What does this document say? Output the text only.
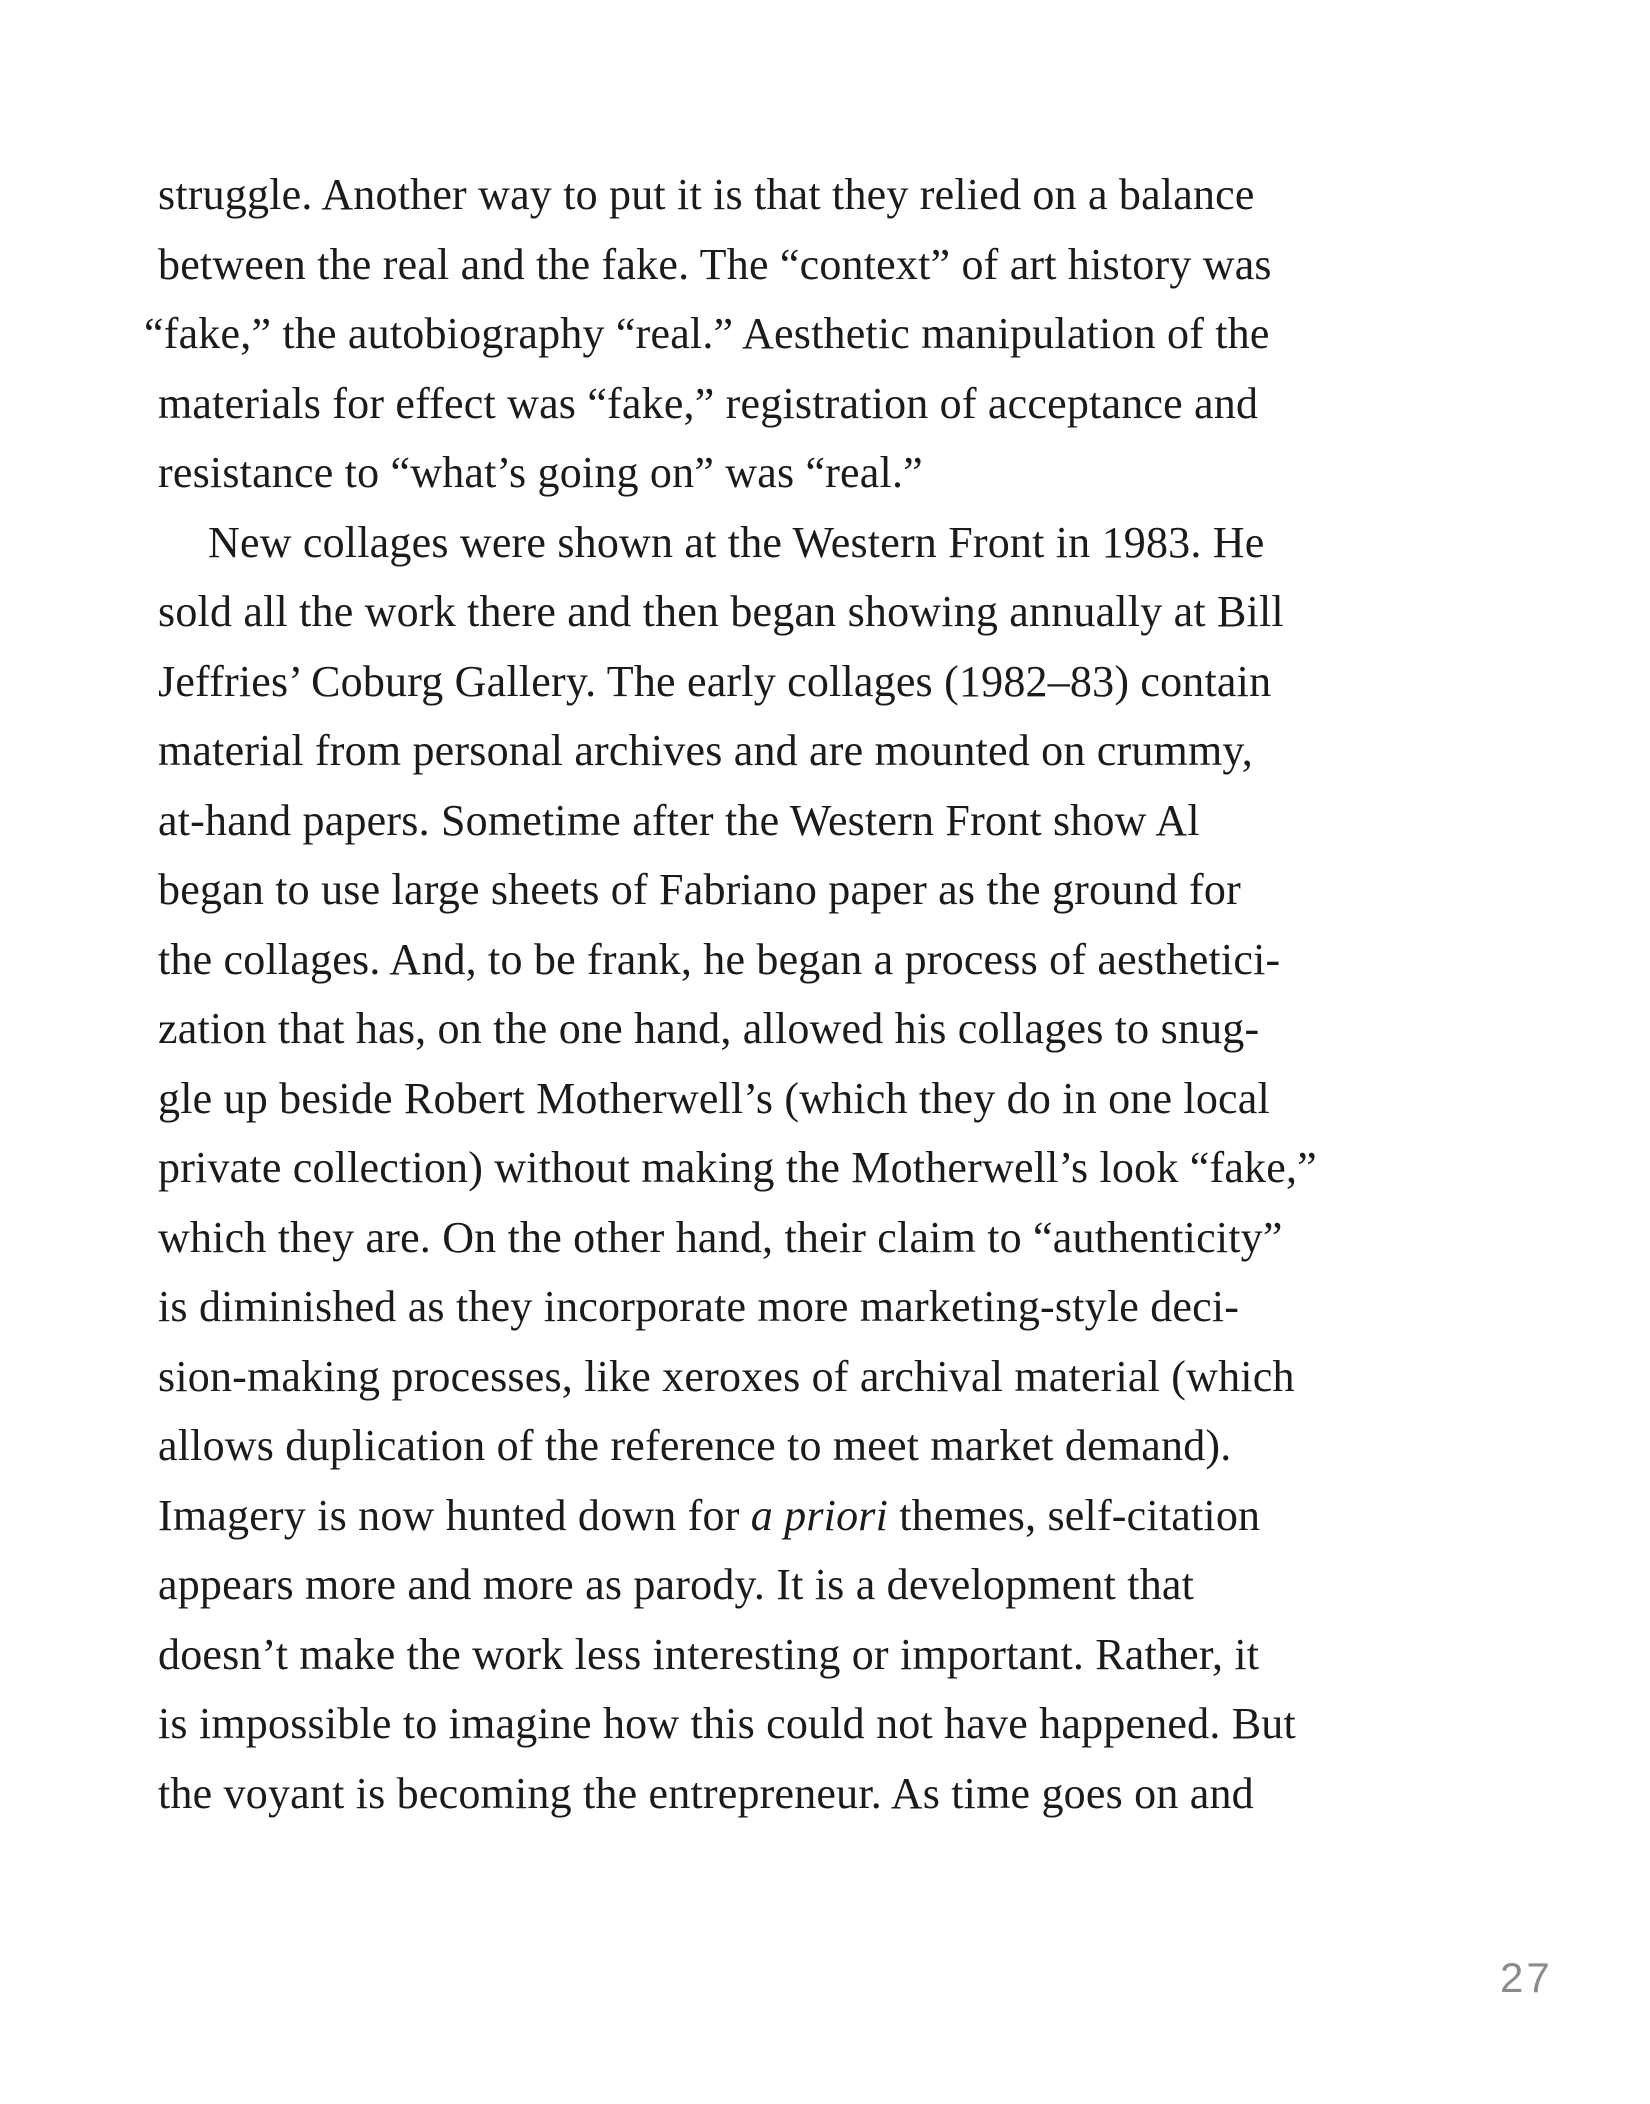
struggle. Another way to put it is that they relied on a balance
between the real and the fake. The “context” of art history was
“fake,” the autobiography “real.” Aesthetic manipulation of the
materials for effect was “fake,” registration of acceptance and
resistance to “what’s going on” was “real.”
New collages were shown at the Western Front in 1983. He
sold all the work there and then began showing annually at Bill
Jeffries’ Coburg Gallery. The early collages (1982–83) contain
material from personal archives and are mounted on crummy,
at-hand papers. Sometime after the Western Front show Al
began to use large sheets of Fabriano paper as the ground for
the collages. And, to be frank, he began a process of aesthetici-
zation that has, on the one hand, allowed his collages to snug-
gle up beside Robert Motherwell’s (which they do in one local
private collection) without making the Motherwell’s look “fake,”
which they are. On the other hand, their claim to “authenticity”
is diminished as they incorporate more marketing-style deci-
sion-making processes, like xeroxes of archival material (which
allows duplication of the reference to meet market demand).
Imagery is now hunted down for a priori themes, self-citation
appears more and more as parody. It is a development that
doesn’t make the work less interesting or important. Rather, it
is impossible to imagine how this could not have happened. But
the voyant is becoming the entrepreneur. As time goes on and
27
